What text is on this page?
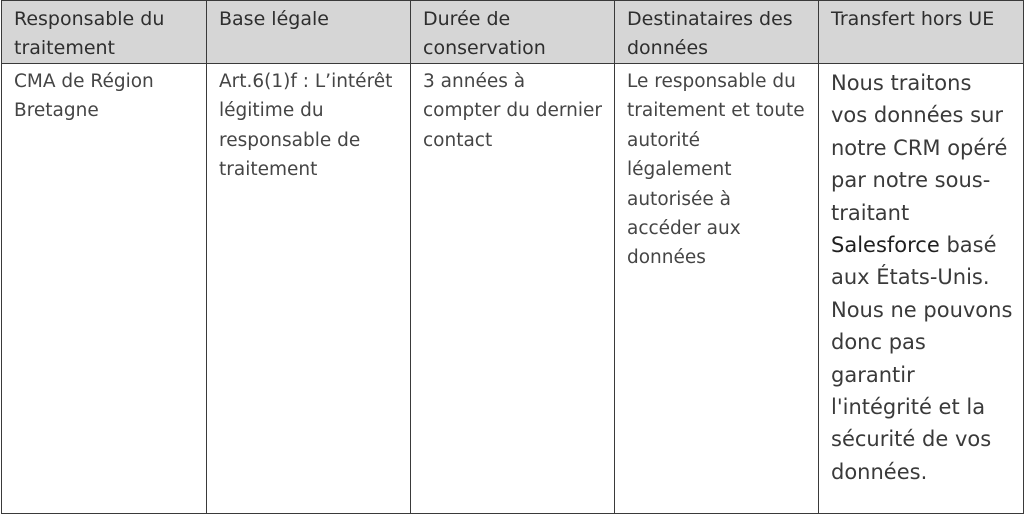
Responsable du traitement	Base légale	Durée de conservation	Destinataires des données	Transfert hors UE
CMA de Région Bretagne	Art.6(1)f : L’intérêt légitime du responsable de traitement	3 années à compter du dernier contact	Le responsable du traitement et toute autorité légalement autorisée à accéder aux données	Nous traitons vos données sur notre CRM opéré par notre sous-traitant Salesforce basé aux États-Unis. Nous ne pouvons donc pas garantir l'intégrité et la sécurité de vos données.
